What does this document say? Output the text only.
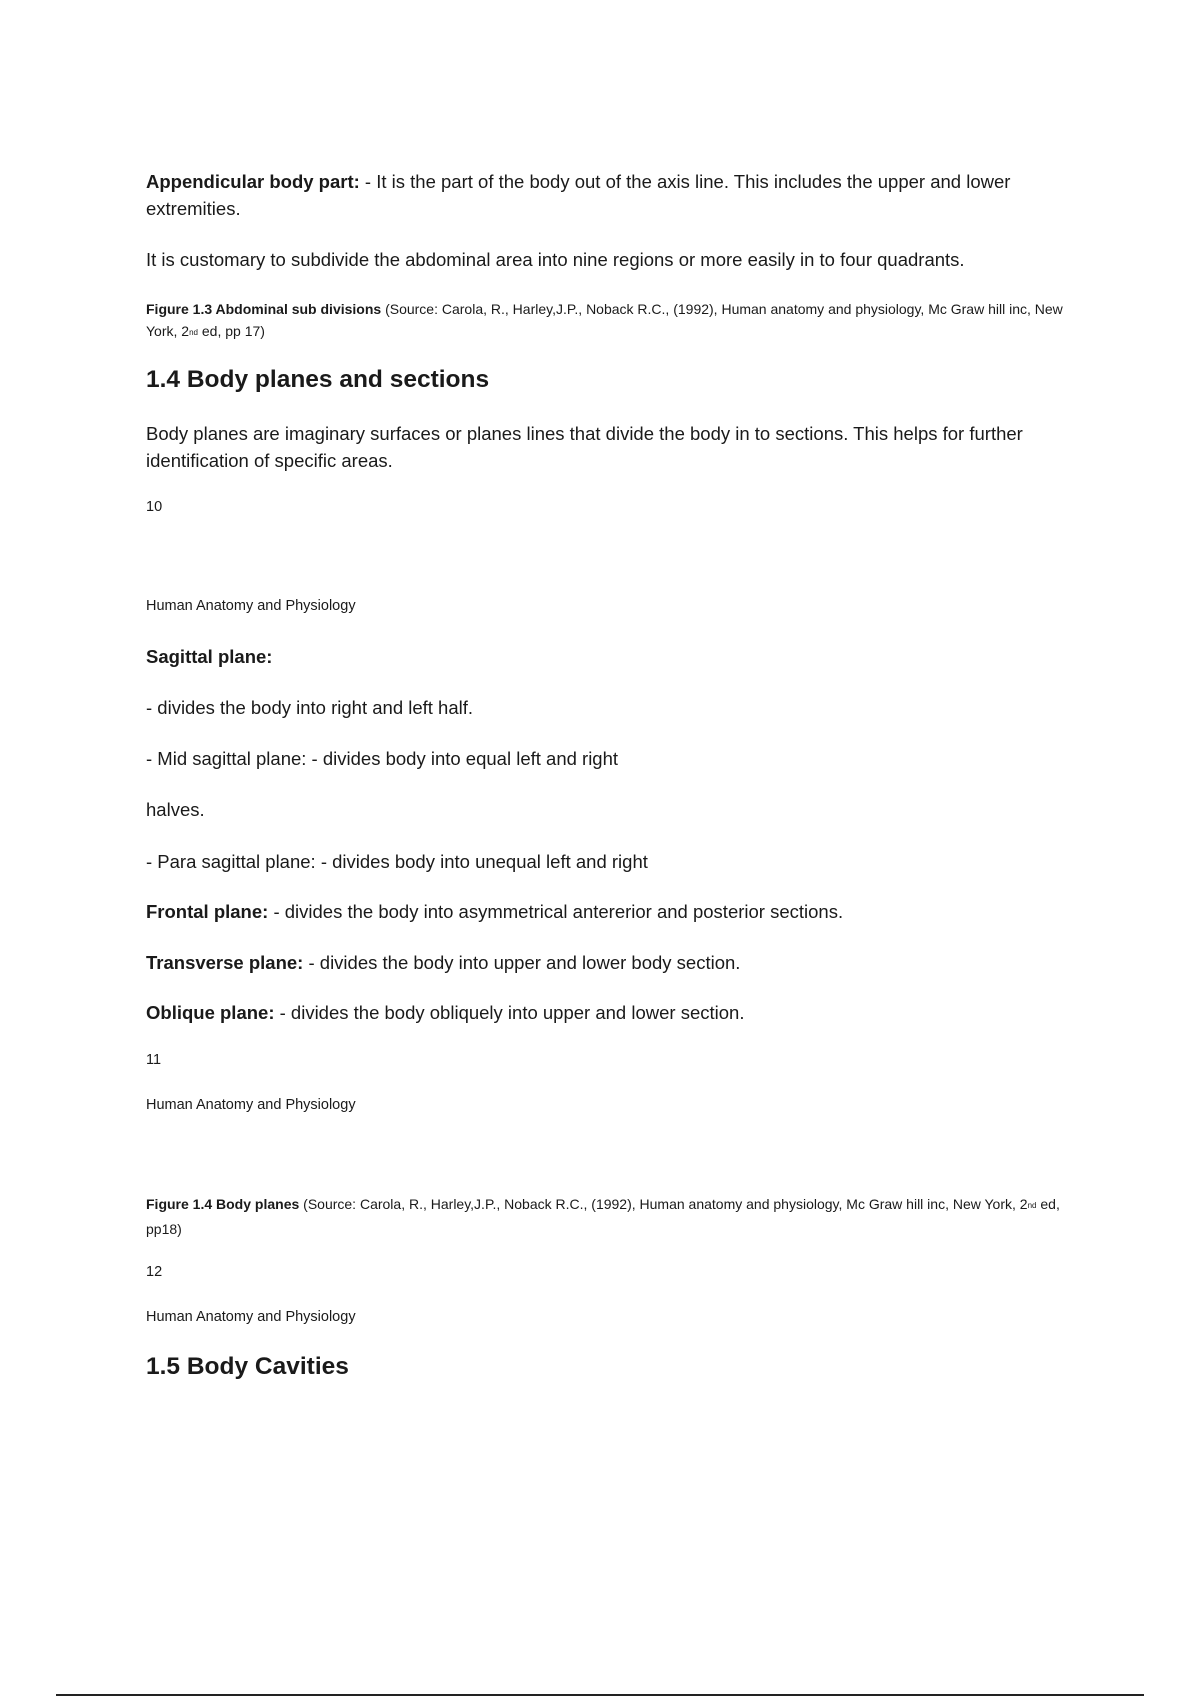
Appendicular body part: - It is the part of the body out of the axis line. This includes the upper and lower extremities.

It is customary to subdivide the abdominal area into nine regions or more easily in to four quadrants.

Figure 1.3 Abdominal sub divisions (Source: Carola, R., Harley,J.P., Noback R.C., (1992), Human anatomy and physiology, Mc Graw hill inc, New York, 2nd ed, pp 17)

1.4 Body planes and sections

Body planes are imaginary surfaces or planes lines that divide the body in to sections. This helps for further identification of specific areas.

10
Human Anatomy and Physiology

Sagittal plane:

- divides the body into right and left half.

- Mid sagittal plane: - divides body into equal left and right

halves.

- Para sagittal plane: - divides body into unequal left and right

Frontal plane: - divides the body into asymmetrical antererior and posterior sections.

Transverse plane: - divides the body into upper and lower body section.

Oblique plane: - divides the body obliquely into upper and lower section.

11
Human Anatomy and Physiology

Figure 1.4 Body planes (Source: Carola, R., Harley,J.P., Noback R.C., (1992), Human anatomy and physiology, Mc Graw hill inc, New York, 2nd ed, pp18)

12
Human Anatomy and Physiology
1.5 Body Cavities
